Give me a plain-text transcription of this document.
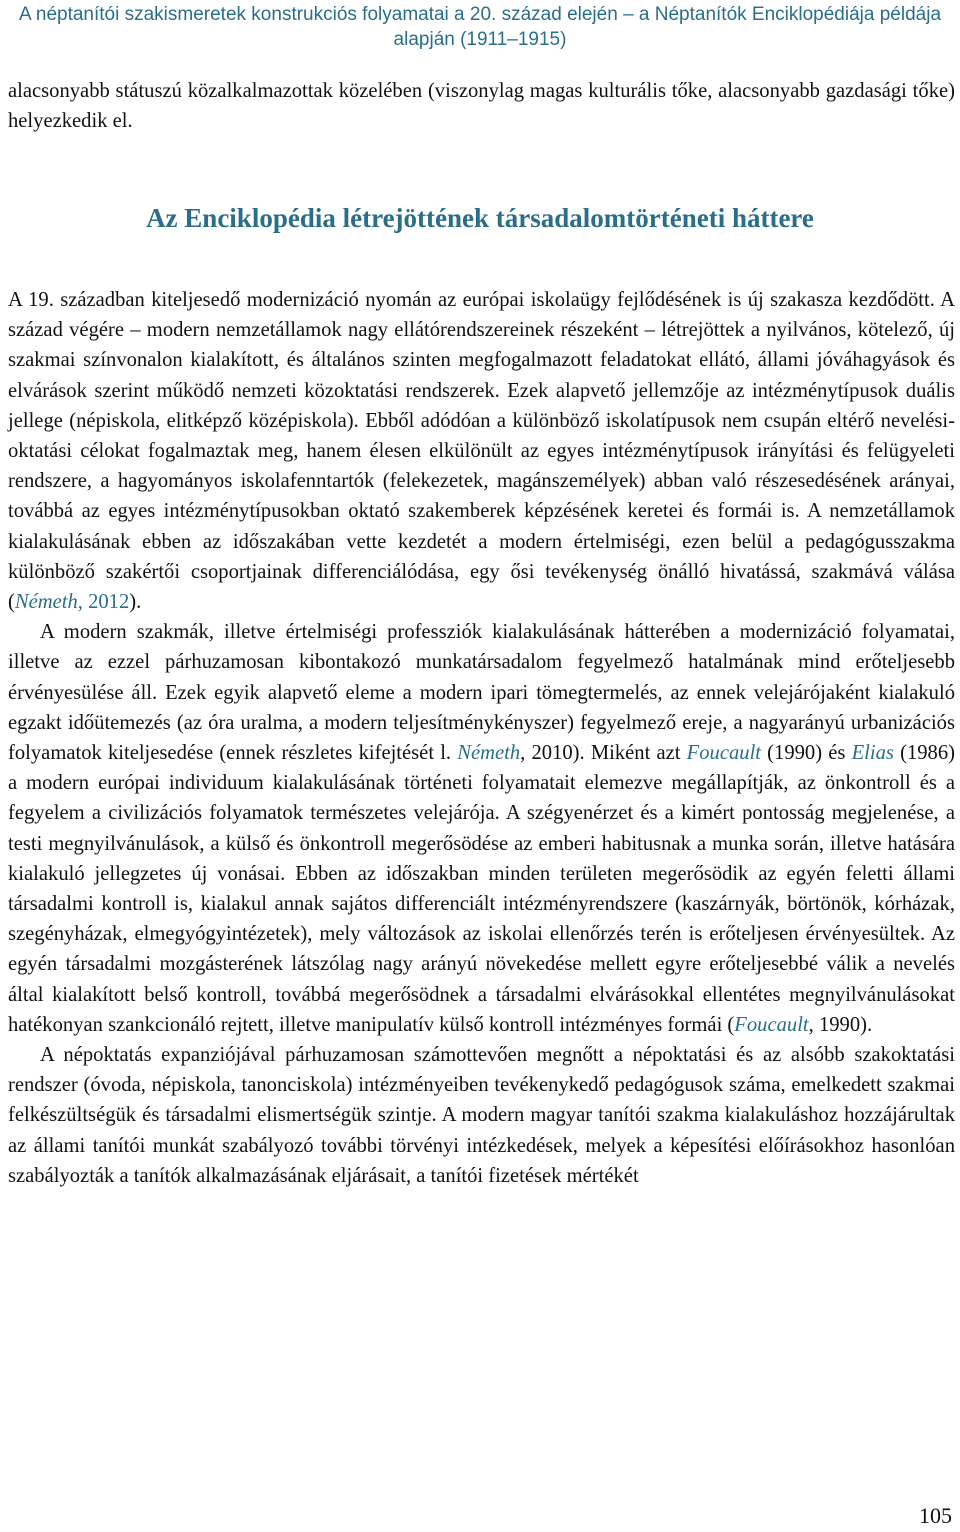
A néptanítói szakismeretek konstrukciós folyamatai a 20. század elején – a Néptanítók Enciklopédiája példája
alapján (1911–1915)

alacsonyabb státuszú közalkalmazottak közelében (viszonylag magas kulturális tőke, alacsonyabb gazdasági tőke) helyezkedik el.

Az Enciklopédia létrejöttének társadalomtörténeti háttere

A 19. században kiteljesedő modernizáció nyomán az európai iskolaügy fejlődésének is új szakasza kezdődött. A század végére – modern nemzetállamok nagy ellátórendszereinek részeként – létrejöttek a nyilvános, kötelező, új szakmai színvonalon kialakított, és általános szinten megfogalmazott feladatokat ellátó, állami jóváhagyások és elvárások szerint működő nemzeti közoktatási rendszerek. Ezek alapvető jellemzője az intézménytípusok duális jellege (népiskola, elitképző középiskola). Ebből adódóan a különböző iskolatípusok nem csupán eltérő nevelési-oktatási célokat fogalmaztak meg, hanem élesen elkülönült az egyes intézménytípusok irányítási és felügyeleti rendszere, a hagyományos iskolafenntartók (felekezetek, magánszemélyek) abban való részesedésének arányai, továbbá az egyes intézménytípusokban oktató szakemberek képzésének keretei és formái is. A nemzetállamok kialakulásának ebben az időszakában vette kezdetét a modern értelmiségi, ezen belül a pedagógusszakma különböző szakértői csoportjainak differenciálódása, egy ősi tevékenység önálló hivatássá, szakmává válása (Németh, 2012).

A modern szakmák, illetve értelmiségi professziók kialakulásának hátterében a modernizáció folyamatai, illetve az ezzel párhuzamosan kibontakozó munkatársadalom fegyelmező hatalmának mind erőteljesebb érvényesülése áll. Ezek egyik alapvető eleme a modern ipari tömegtermelés, az ennek velejárójaként kialakuló egzakt időütemezés (az óra uralma, a modern teljesítménykényszer) fegyelmező ereje, a nagyarányú urbanizációs folyamatok kiteljesedése (ennek részletes kifejtését l. Németh, 2010). Miként azt Foucault (1990) és Elias (1986) a modern európai individuum kialakulásának történeti folyamatait elemezve megállapítják, az önkontroll és a fegyelem a civilizációs folyamatok természetes velejárója. A szégyenérzet és a kimért pontosság megjelenése, a testi megnyilvánulások, a külső és önkontroll megerősödése az emberi habitusnak a munka során, illetve hatására kialakuló jellegzetes új vonásai. Ebben az időszakban minden területen megerősödik az egyén feletti állami társadalmi kontroll is, kialakul annak sajátos differenciált intézményrendszere (kaszárnyák, börtönök, kórházak, szegényházak, elmegyógyintézetek), mely változások az iskolai ellenőrzés terén is erőteljesen érvényesültek. Az egyén társadalmi mozgásterének látszólag nagy arányú növekedése mellett egyre erőteljesebbé válik a nevelés által kialakított belső kontroll, továbbá megerősödnek a társadalmi elvárásokkal ellentétes megnyilvánulásokat hatékonyan szankcionáló rejtett, illetve manipulatív külső kontroll intézményes formái (Foucault, 1990).

A népoktatás expanziójával párhuzamosan számottevően megnőtt a népoktatási és az alsóbb szakoktatási rendszer (óvoda, népiskola, tanonciskola) intézményeiben tevékenykedő pedagógusok száma, emelkedett szakmai felkészültségük és társadalmi elismertségük szintje. A modern magyar tanítói szakma kialakuláshoz hozzájárultak az állami tanítói munkát szabályozó további törvényi intézkedések, melyek a képesítési előírásokhoz hasonlóan szabályozták a tanítók alkalmazásának eljárásait, a tanítói fizetések mértékét

105
